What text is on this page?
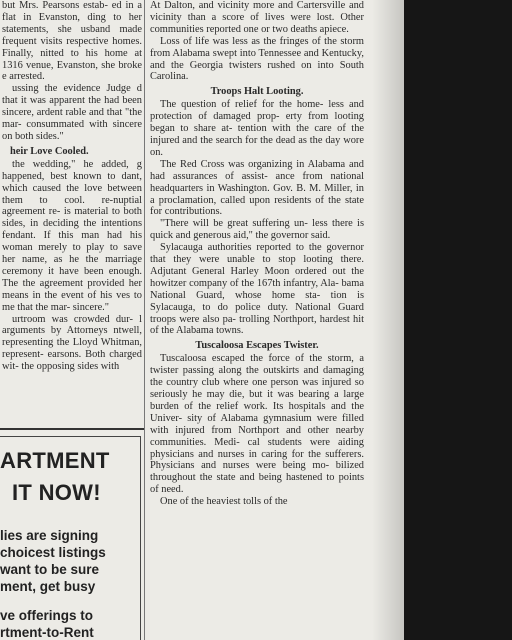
but Mrs. Pearsons estab- ed in a flat in Evanston, ding to her statements, she usband made frequent visits respective homes. Finally, nitted to his home at 1316 venue, Evanston, she broke e arrested.

ussing the evidence Judge d that it was apparent the had been sincere, ardent rable and that "the mar- consummated with sincere on both sides."

heir Love Cooled.

the wedding," he added, g happened, best known to dant, which caused the love between them to cool. re-nuptial agreement re- is material to both sides, in deciding the intentions fendant. If this man had his woman merely to play to save her name, as he the marriage ceremony it have been enough. The the agreement provided her means in the event of his ves to me that the mar- sincere."

urtroom was crowded dur- l arguments by Attorneys ntwell, representing the Lloyd Whitman, represent- earsons. Both charged wit- the opposing sides with

ARTMENT
IT NOW!
lies are signing
choicest listings
want to be sure
ment, get busy
ve offerings to
rtment-to-Rent

At Dalton, and vicinity more and Cartersville and vicinity than a score of lives were lost. Other communities reported one or two deaths apiece.

Loss of life was less as the fringes of the storm from Alabama swept into Tennessee and Kentucky, and the Georgia twisters rushed on into South Carolina.

Troops Halt Looting.

The question of relief for the home- less and protection of damaged prop- erty from looting began to share at- tention with the care of the injured and the search for the dead as the day wore on.

The Red Cross was organizing in Alabama and had assurances of assist- ance from national headquarters in Washington. Gov. B. M. Miller, in a proclamation, called upon residents of the state for contributions.

"There will be great suffering un- less there is quick and generous aid," the governor said.

Sylacauga authorities reported to the governor that they were unable to stop looting there. Adjutant General Harley Moon ordered out the howitzer company of the 167th infantry, Ala- bama National Guard, whose home sta- tion is Sylacauga, to do police duty. National Guard troops were also pa- trolling Northport, hardest hit of the Alabama towns.

Tuscaloosa Escapes Twister.

Tuscaloosa escaped the force of the storm, a twister passing along the outskirts and damaging the country club where one person was injured so seriously he may die, but it was bearing a large burden of the relief work. Its hospitals and the Univer- sity of Alabama gymnasium were filled with injured from Northport and other nearby communities. Medi- cal students were aiding physicians and nurses in caring for the sufferers. Physicians and nurses were being mo- bilized throughout the state and being hastened to points of need.

One of the heaviest tolls of the
